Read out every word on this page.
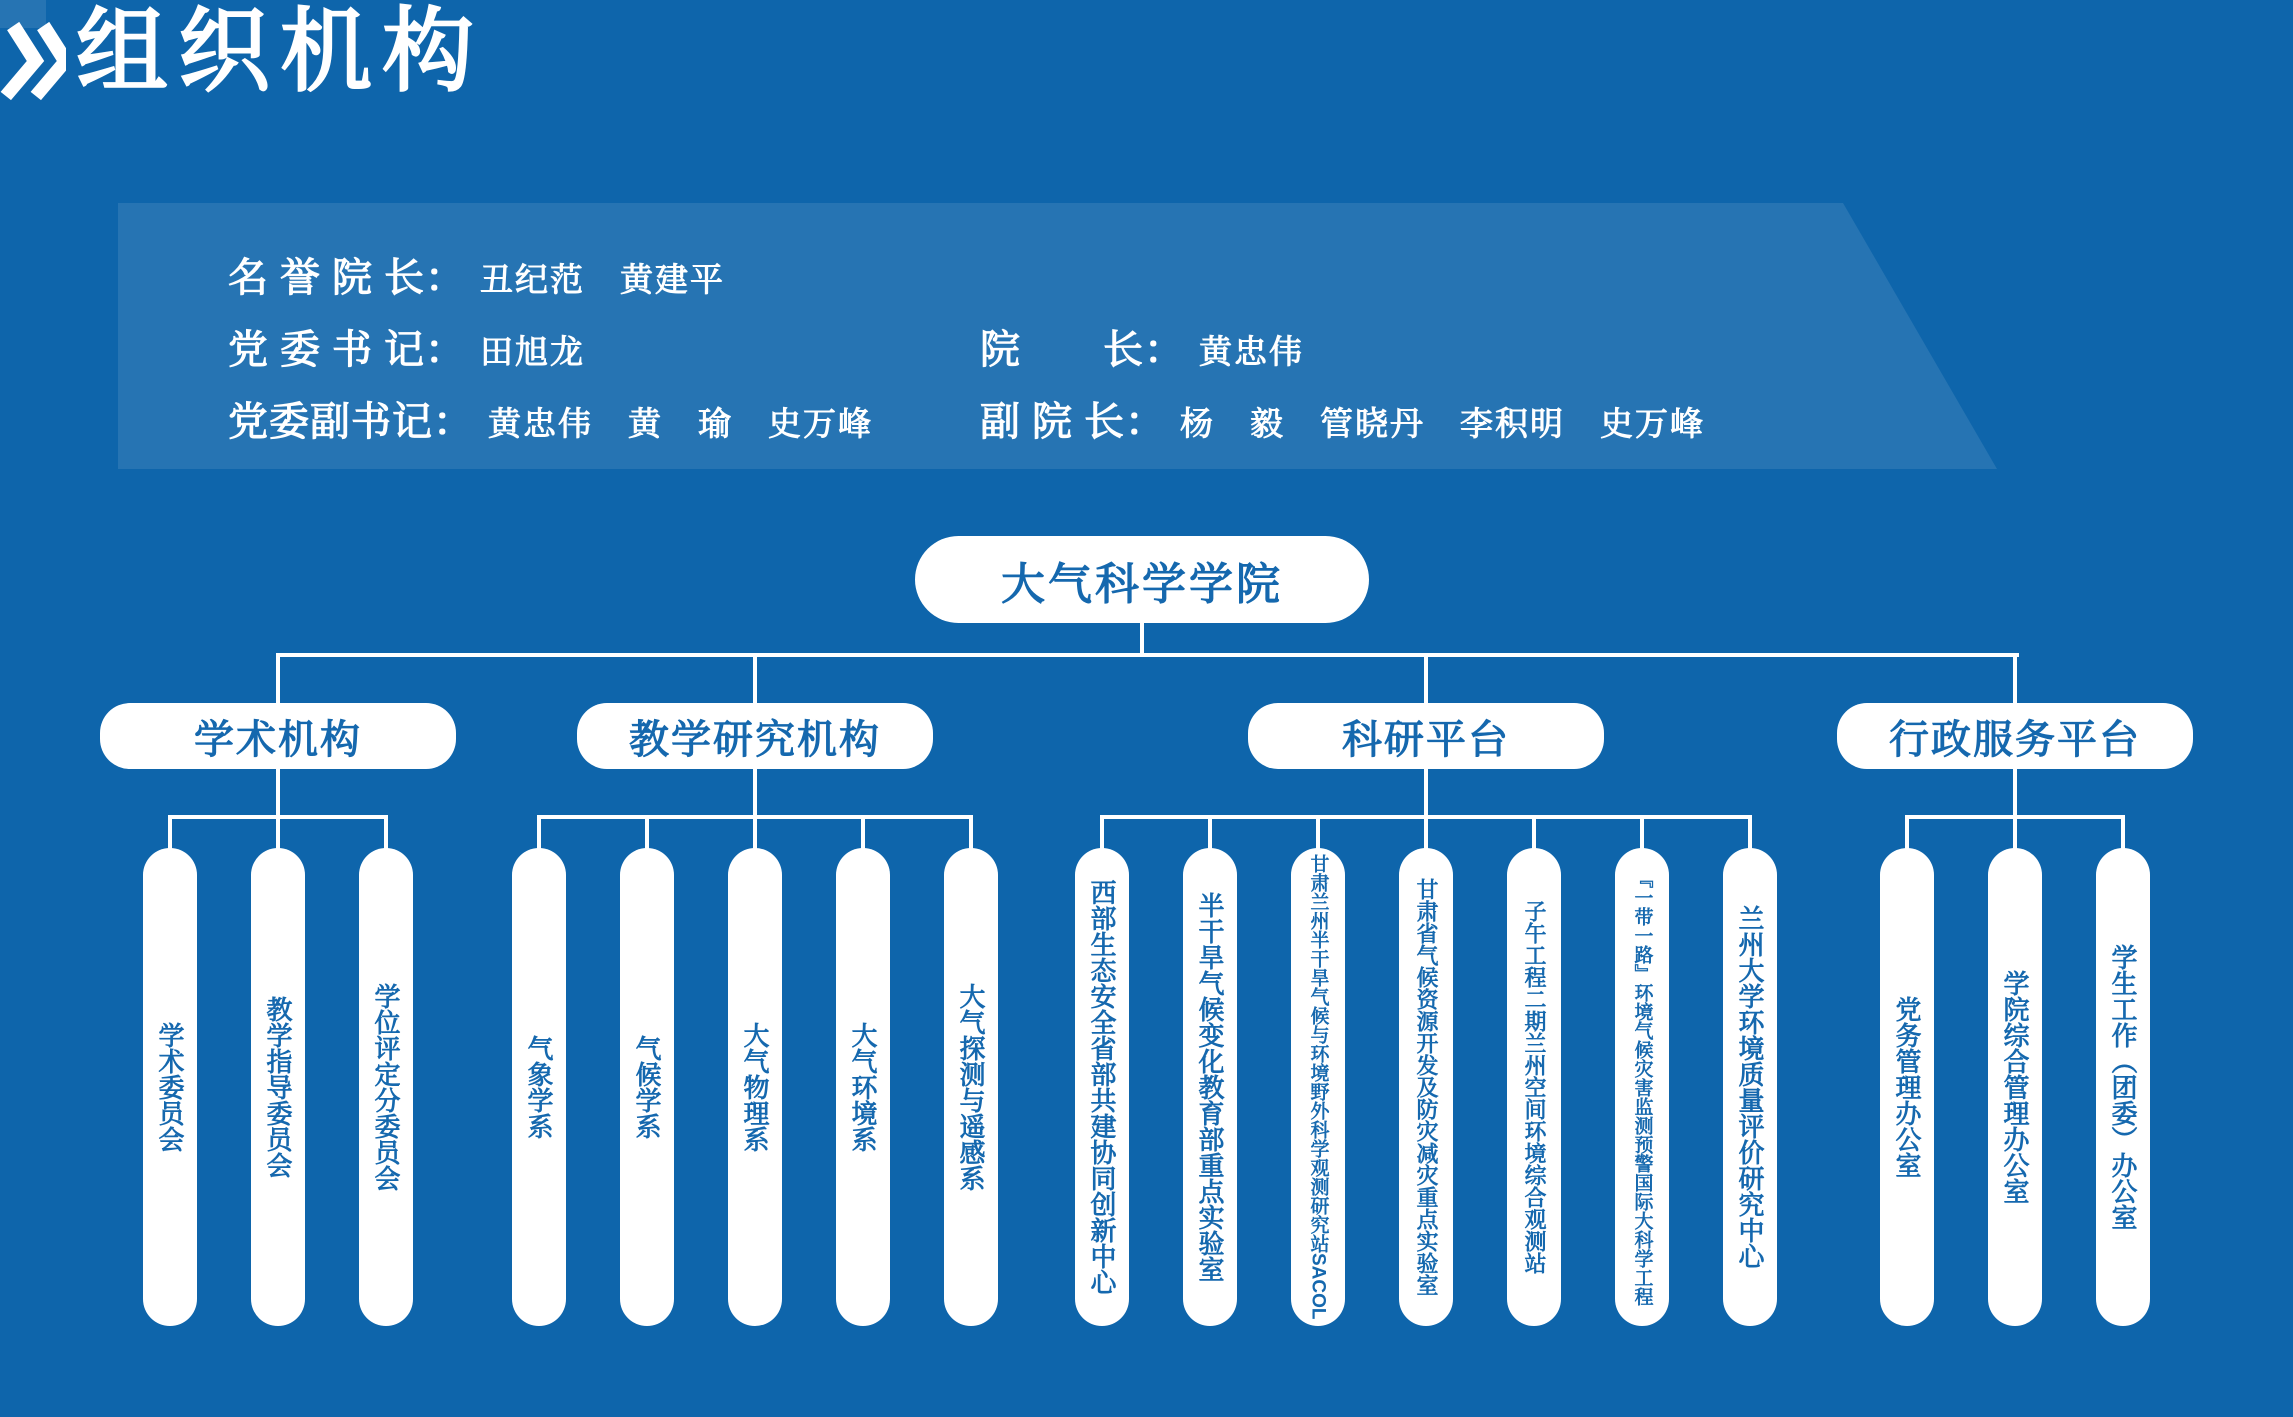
组织机构
名 誉 院 长： 丑纪范　黄建平
党 委 书 记： 田旭龙	院　　长： 黄忠伟
党委副书记： 黄忠伟　黄　瑜　史万峰	副 院 长： 杨　毅　管晓丹　李积明　史万峰
大气科学学院
学术机构
学术委员会	教学指导委员会	学位评定分委员会
教学研究机构
气象学系	气候学系	大气物理系	大气环境系	大气探测与遥感系
科研平台
西部生态安全省部共建协同创新中心	半干旱气候变化教育部重点实验室	甘肃兰州半干旱气候与环境野外科学观测研究站SACOL	甘肃省气候资源开发及防灾减灾重点实验室	子午工程二期兰州空间环境综合观测站	『一带一路』环境气候灾害监测预警国际大科学工程	兰州大学环境质量评价研究中心
行政服务平台
党务管理办公室	学院综合管理办公室	学生工作（团委）办公室
